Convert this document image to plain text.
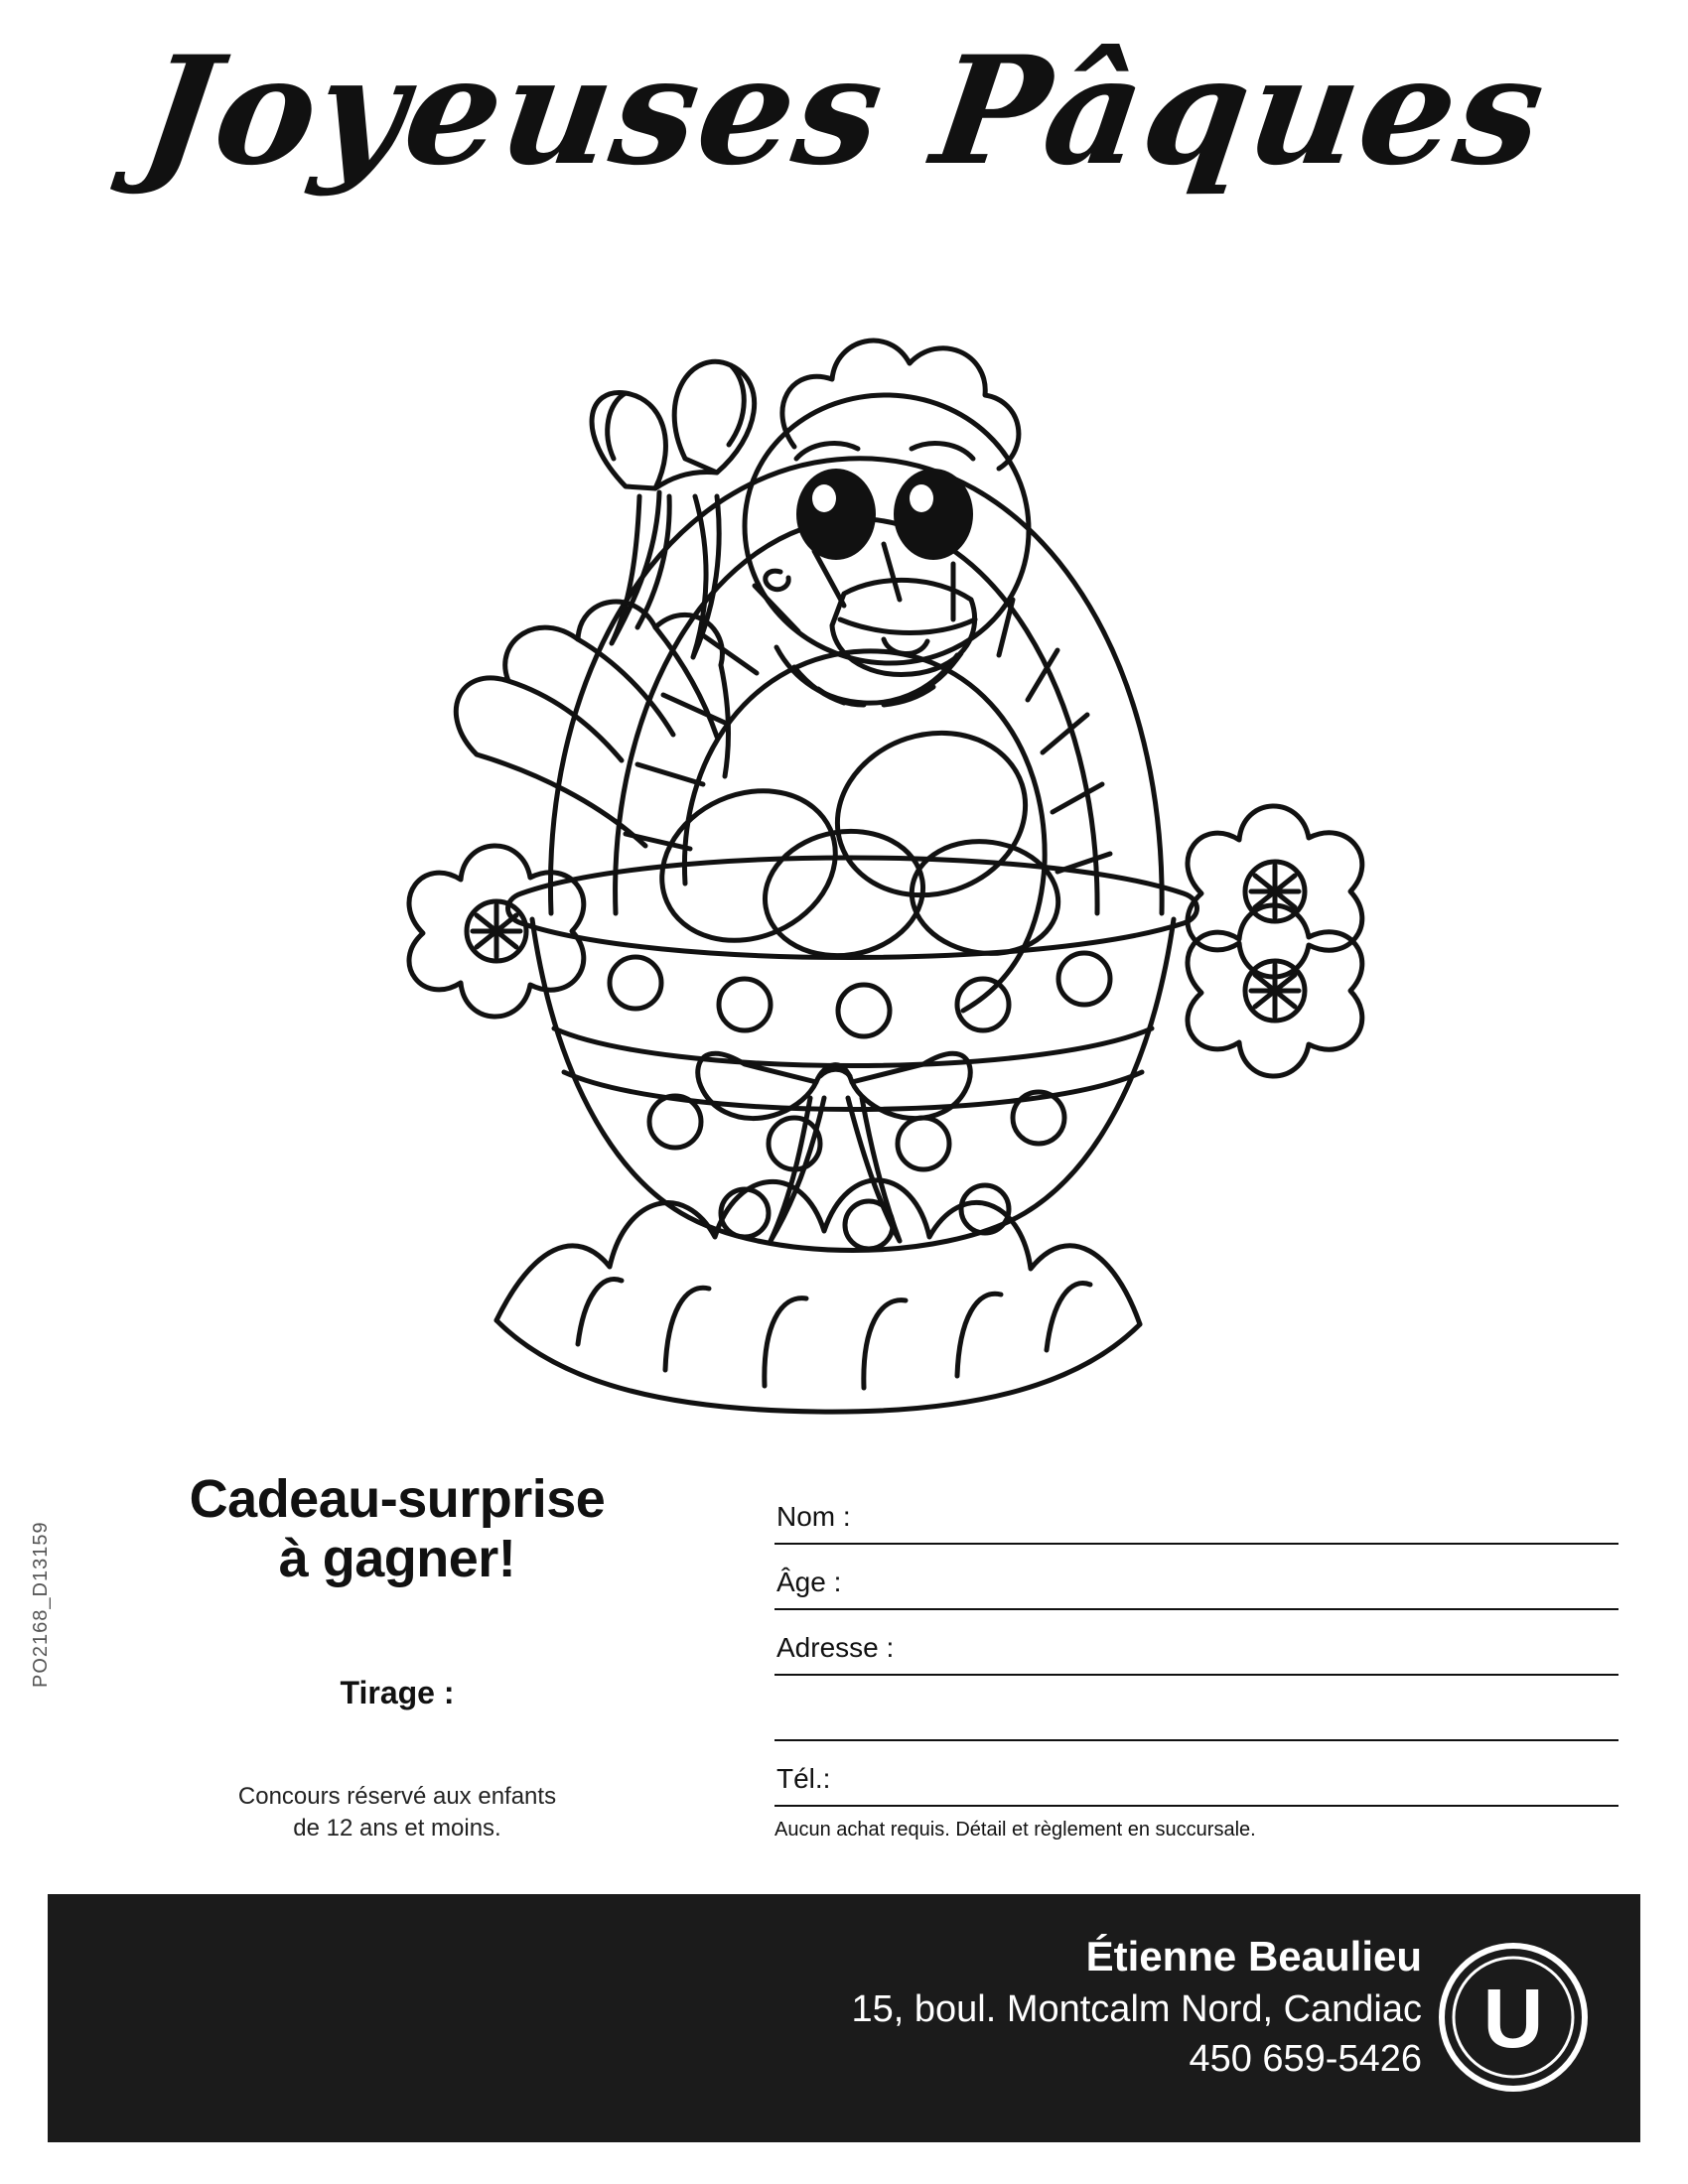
Joyeuses Pâques
Cadeau-surprise
à gagner!
Tirage :
Concours réservé aux enfants
de 12 ans et moins.
Nom :
Âge :
Adresse :
Tél.:
Aucun achat requis. Détail et règlement en succursale.
PO2168_D13159
Étienne Beaulieu
15, boul. Montcalm Nord, Candiac
450 659-5426 U
